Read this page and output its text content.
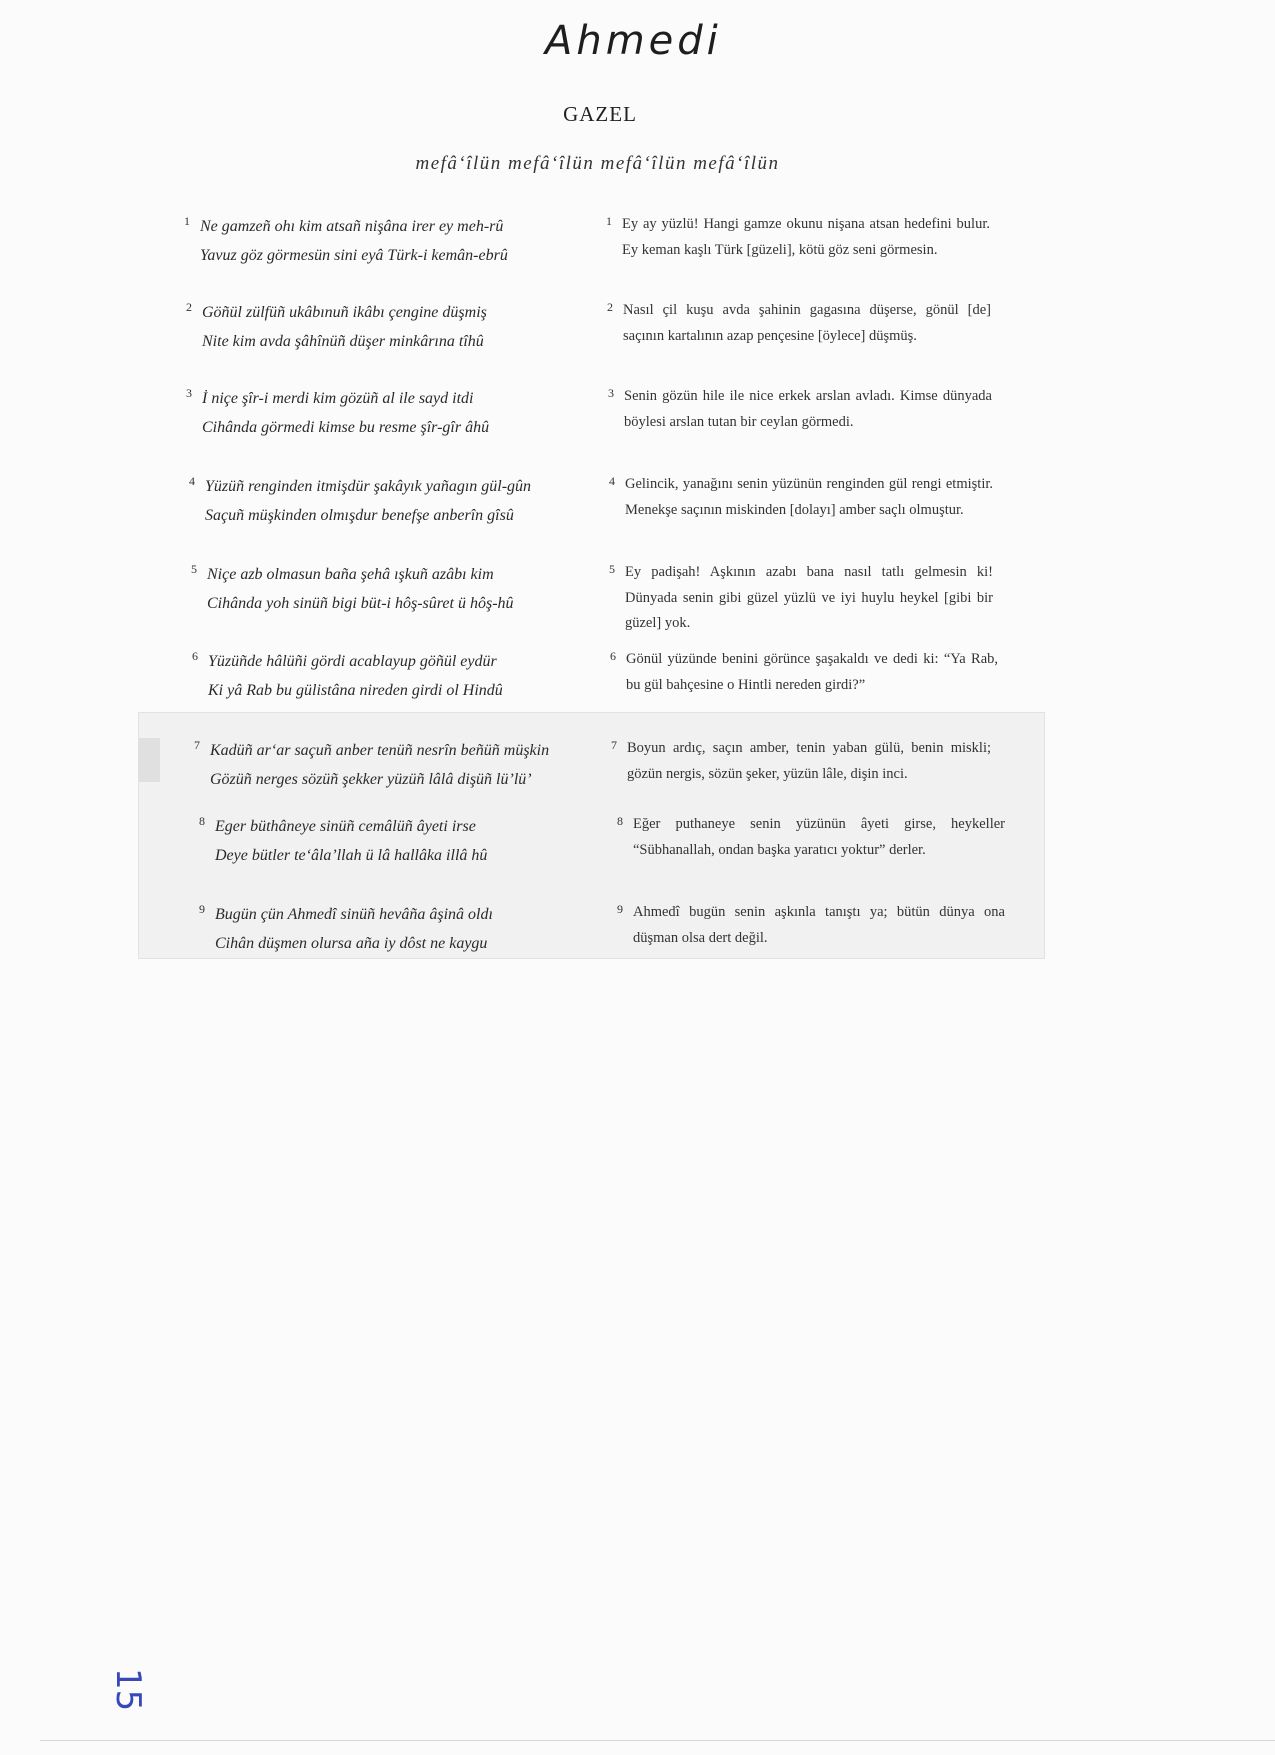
Ahmedi
GAZEL
mefâ‘îlün mefâ‘îlün mefâ‘îlün mefâ‘îlün
1 Ne gamzeñ ohı kim atsañ nişâna irer ey meh-rû
Yavuz göz görmesün sini eyâ Türk-i kemân-ebrû
1 Ey ay yüzlü! Hangi gamze okunu nişana atsan hedefini bulur. Ey keman kaşlı Türk [güzeli], kötü göz seni görmesin.
2 Göñül zülfüñ ukâbınuñ ikâbı çengine düşmiş
Nite kim avda şâhînüñ düşer minkârına tîhû
2 Nasıl çil kuşu avda şahinin gagasına düşerse, gönül [de] saçının kartalının azap pençesine [öylece] düşmüş.
3 İ niçe şîr-i merdi kim gözüñ al ile sayd itdi
Cihânda görmedi kimse bu resme şîr-gîr âhû
3 Senin gözün hile ile nice erkek arslan avladı. Kimse dünyada böylesi arslan tutan bir ceylan görmedi.
4 Yüzüñ renginden itmişdür şakâyık yañagın gül-gûn
Saçuñ müşkinden olmışdur benefşe anberîn gîsû
4 Gelincik, yanağını senin yüzünün renginden gül rengi etmiştir. Menekşe saçının miskinden [dolayı] amber saçlı olmuştur.
5 Niçe azb olmasun baña şehâ ışkuñ azâbı kim
Cihânda yoh sinüñ bigi büt-i hôş-sûret ü hôş-hû
5 Ey padişah! Aşkının azabı bana nasıl tatlı gelmesin ki! Dünyada senin gibi güzel yüzlü ve iyi huylu heykel [gibi bir güzel] yok.
6 Yüzüñde hâlüñi gördi acablayup göñül eydür
Ki yâ Rab bu gülistâna nireden girdi ol Hindû
6 Gönül yüzünde benini görünce şaşakaldı ve dedi ki: “Ya Rab, bu gül bahçesine o Hintli nereden girdi?”
7 Kadüñ ar‘ar saçuñ anber tenüñ nesrîn beñüñ müşkin
Gözüñ nerges sözüñ şekker yüzüñ lâlâ dişüñ lü’lü’
7 Boyun ardıç, saçın amber, tenin yaban gülü, benin miskli; gözün nergis, sözün şeker, yüzün lâle, dişin inci.
8 Eger büthâneye sinüñ cemâlüñ âyeti irse
Deye bütler te‘âla’llah ü lâ hallâka illâ hû
8 Eğer puthaneye senin yüzünün âyeti girse, heykeller “Sübhanallah, ondan başka yaratıcı yoktur” derler.
9 Bugün çün Ahmedî sinüñ hevâña âşinâ oldı
Cihân düşmen olursa aña iy dôst ne kaygu
9 Ahmedî bugün senin aşkınla tanıştı ya; bütün dünya ona düşman olsa dert değil.
15
